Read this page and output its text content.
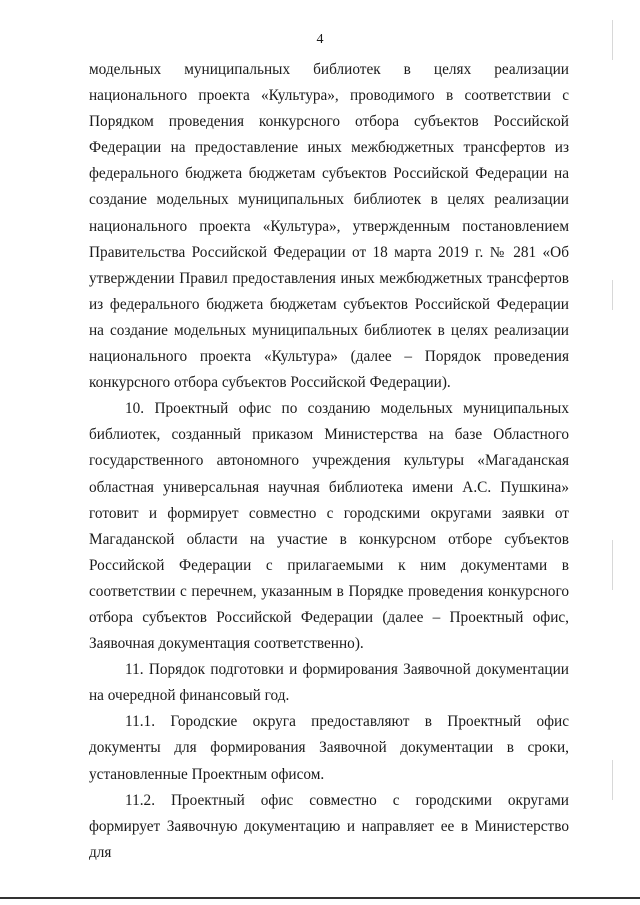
4

модельных муниципальных библиотек в целях реализации национального проекта «Культура», проводимого в соответствии с Порядком проведения конкурсного отбора субъектов Российской Федерации на предоставление иных межбюджетных трансфертов из федерального бюджета бюджетам субъектов Российской Федерации на создание модельных муниципальных библиотек в целях реализации национального проекта «Культура», утвержденным постановлением Правительства Российской Федерации от 18 марта 2019 г. № 281 «Об утверждении Правил предоставления иных межбюджетных трансфертов из федерального бюджета бюджетам субъектов Российской Федерации на создание модельных муниципальных библиотек в целях реализации национального проекта «Культура» (далее – Порядок проведения конкурсного отбора субъектов Российской Федерации).

10. Проектный офис по созданию модельных муниципальных библиотек, созданный приказом Министерства на базе Областного государственного автономного учреждения культуры «Магаданская областная универсальная научная библиотека имени А.С. Пушкина» готовит и формирует совместно с городскими округами заявки от Магаданской области на участие в конкурсном отборе субъектов Российской Федерации с прилагаемыми к ним документами в соответствии с перечнем, указанным в Порядке проведения конкурсного отбора субъектов Российской Федерации (далее – Проектный офис, Заявочная документация соответственно).

11. Порядок подготовки и формирования Заявочной документации на очередной финансовый год.

11.1. Городские округа предоставляют в Проектный офис документы для формирования Заявочной документации в сроки, установленные Проектным офисом.

11.2. Проектный офис совместно с городскими округами формирует Заявочную документацию и направляет ее в Министерство для
